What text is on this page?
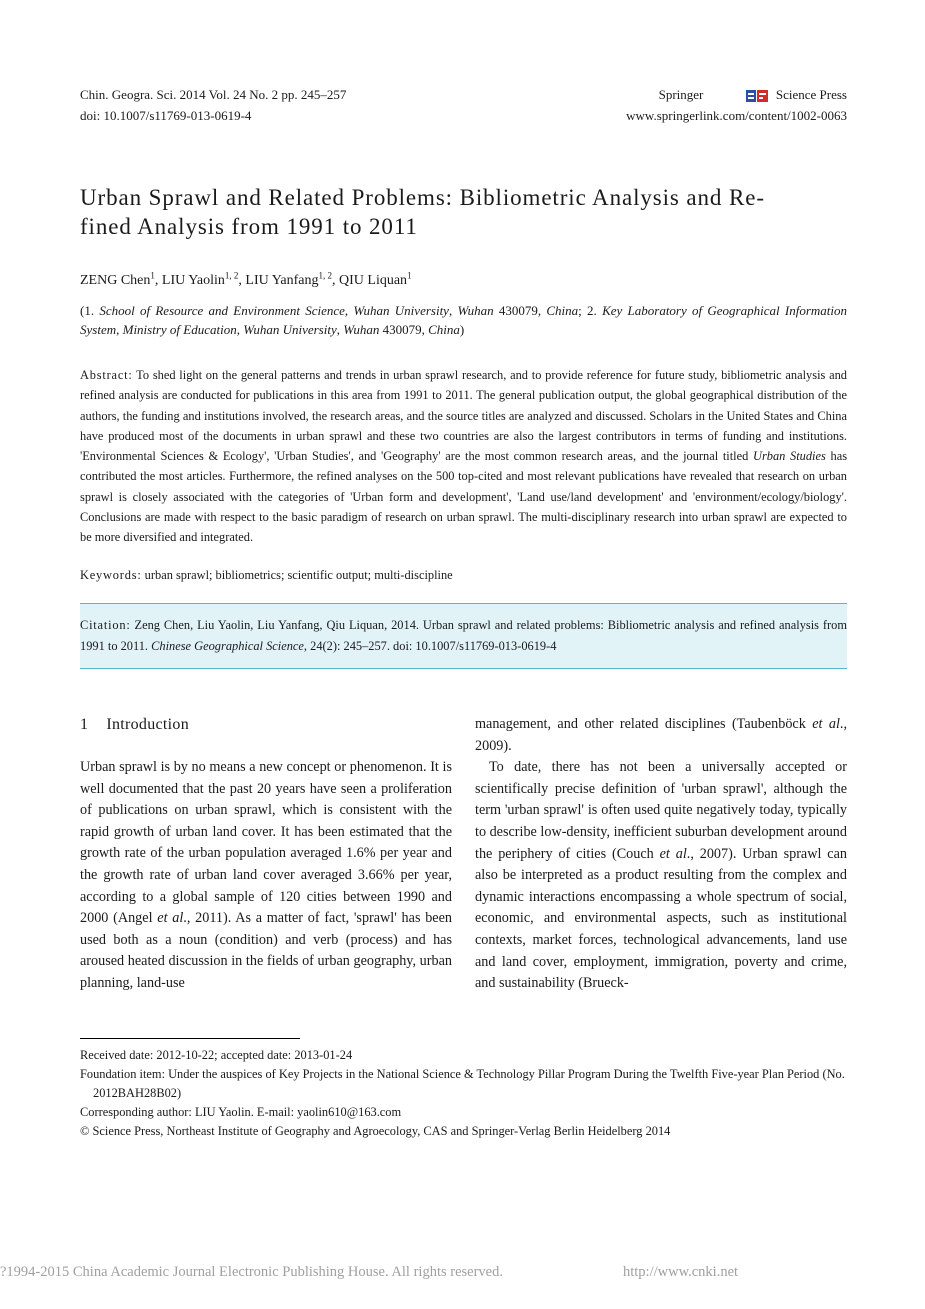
Chin. Geogra. Sci. 2014 Vol. 24 No. 2 pp. 245–257
doi: 10.1007/s11769-013-0619-4
Springer	Science Press
www.springerlink.com/content/1002-0063
Urban Sprawl and Related Problems: Bibliometric Analysis and Re-
fined Analysis from 1991 to 2011
ZENG Chen$^1$, LIU Yaolin$^{1, 2}$, LIU Yanfang$^{1, 2}$, QIU Liquan$^1$
(1. School of Resource and Environment Science, Wuhan University, Wuhan 430079, China; 2. Key Laboratory of Geographical Information System, Ministry of Education, Wuhan University, Wuhan 430079, China)
Abstract: To shed light on the general patterns and trends in urban sprawl research, and to provide reference for future study, bibliometric analysis and refined analysis are conducted for publications in this area from 1991 to 2011. The general publication output, the global geographical distribution of the authors, the funding and institutions involved, the research areas, and the source titles are analyzed and discussed. Scholars in the United States and China have produced most of the documents in urban sprawl and these two countries are also the largest contributors in terms of funding and institutions. 'Environmental Sciences & Ecology', 'Urban Studies', and 'Geography' are the most common research areas, and the journal titled Urban Studies has contributed the most articles. Furthermore, the refined analyses on the 500 top-cited and most relevant publications have revealed that research on urban sprawl is closely associated with the categories of 'Urban form and development', 'Land use/land development' and 'environment/ecology/biology'. Conclusions are made with respect to the basic paradigm of research on urban sprawl. The multi-disciplinary research into urban sprawl are expected to be more diversified and integrated.
Keywords: urban sprawl; bibliometrics; scientific output; multi-discipline
Citation: Zeng Chen, Liu Yaolin, Liu Yanfang, Qiu Liquan, 2014. Urban sprawl and related problems: Bibliometric analysis and refined analysis from 1991 to 2011. Chinese Geographical Science, 24(2): 245–257. doi: 10.1007/s11769-013-0619-4
1 Introduction

Urban sprawl is by no means a new concept or phenomenon. It is well documented that the past 20 years have seen a proliferation of publications on urban sprawl, which is consistent with the rapid growth of urban land cover. It has been estimated that the growth rate of the urban population averaged 1.6% per year and the growth rate of urban land cover averaged 3.66% per year, according to a global sample of 120 cities between 1990 and 2000 (Angel et al., 2011). As a matter of fact, 'sprawl' has been used both as a noun (condition) and verb (process) and has aroused heated discussion in the fields of urban geography, urban planning, land-use

management, and other related disciplines (Taubenböck et al., 2009).

To date, there has not been a universally accepted or scientifically precise definition of 'urban sprawl', although the term 'urban sprawl' is often used quite negatively today, typically to describe low-density, inefficient suburban development around the periphery of cities (Couch et al., 2007). Urban sprawl can also be interpreted as a product resulting from the complex and dynamic interactions encompassing a whole spectrum of social, economic, and environmental aspects, such as institutional contexts, market forces, technological advancements, land use and land cover, employment, immigration, poverty and crime, and sustainability (Brueck-

Received date: 2012-10-22; accepted date: 2013-01-24
Foundation item: Under the auspices of Key Projects in the National Science & Technology Pillar Program During the Twelfth Five-year Plan Period (No. 2012BAH28B02)
Corresponding author: LIU Yaolin. E-mail: yaolin610@163.com
© Science Press, Northeast Institute of Geography and Agroecology, CAS and Springer-Verlag Berlin Heidelberg 2014
?1994-2015 China Academic Journal Electronic Publishing House. All rights reserved.	http://www.cnki.net
